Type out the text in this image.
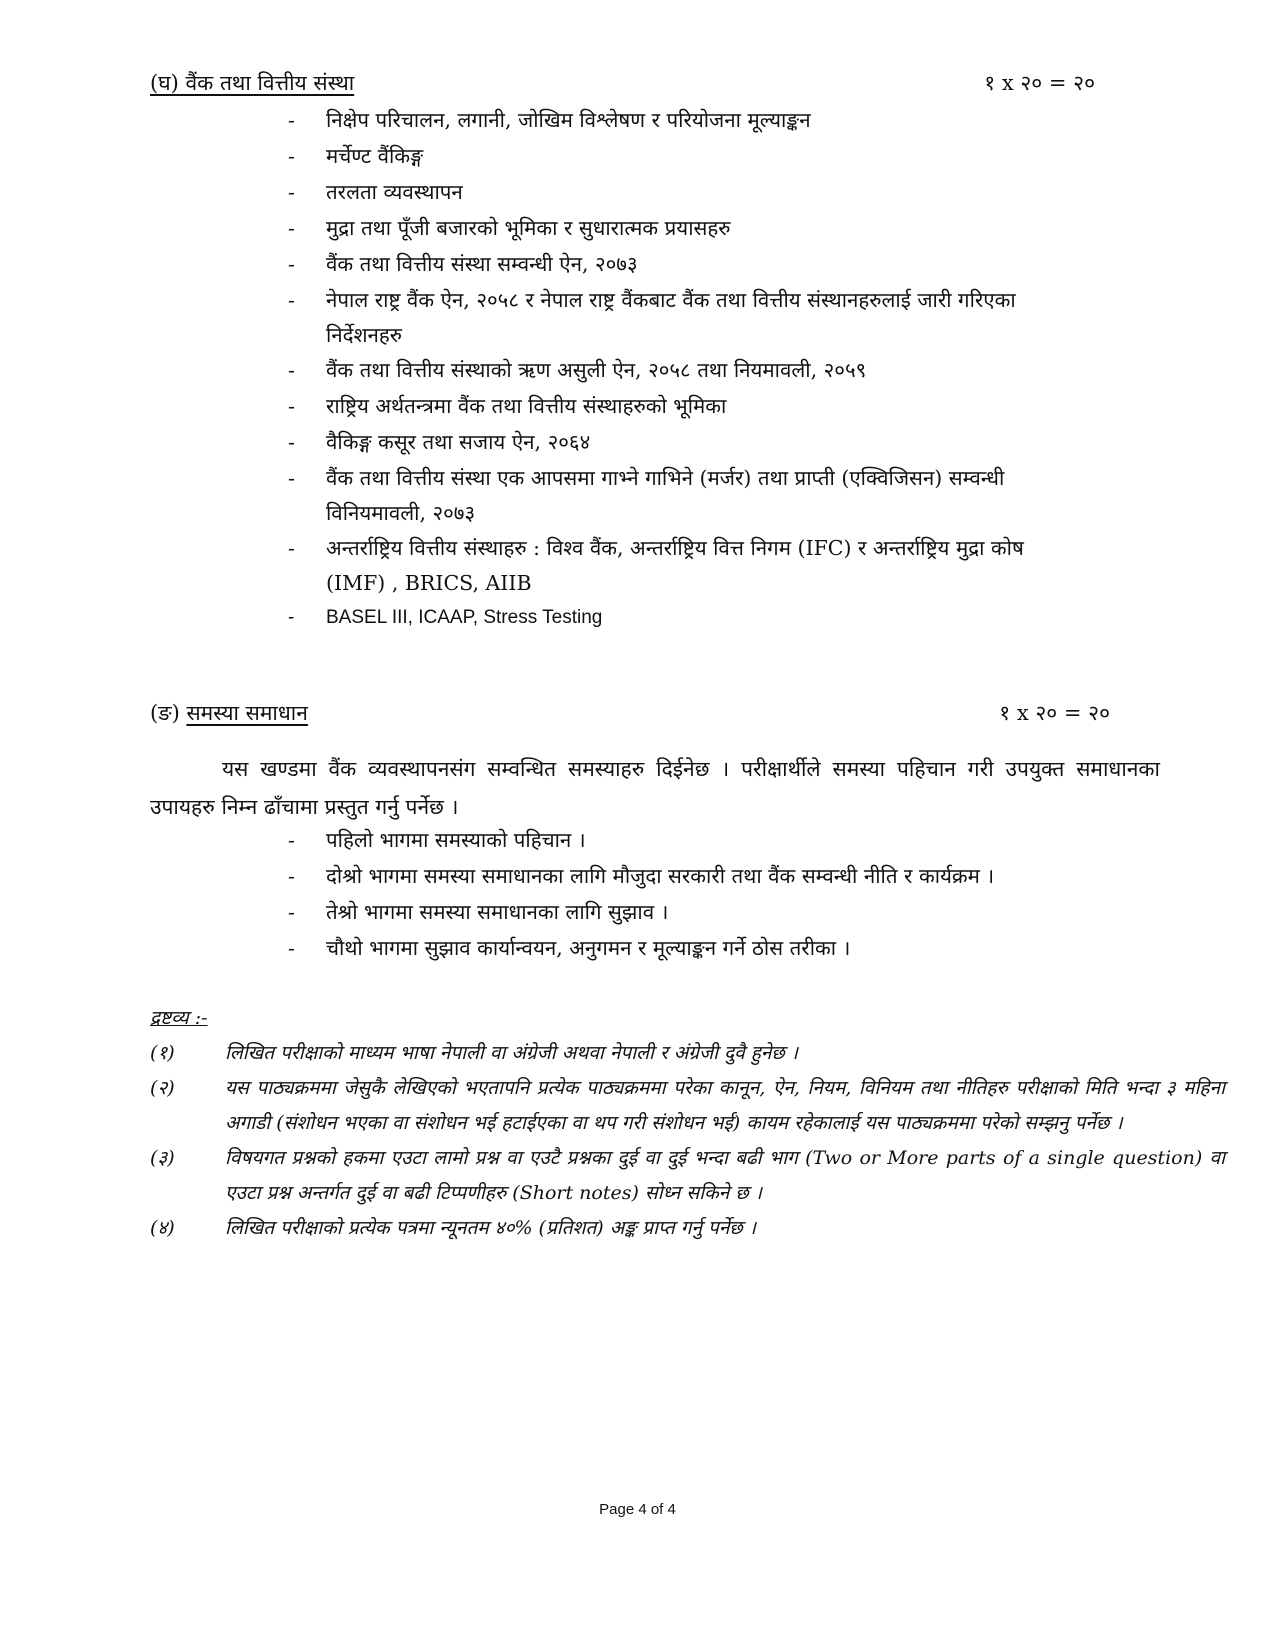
(घ) वैंक तथा वित्तीय संस्था	१ x २० = २०
- निक्षेप परिचालन, लगानी, जोखिम विश्लेषण र परियोजना मूल्याङ्कन
- मर्चेण्ट वैंकिङ्ग
- तरलता व्यवस्थापन
- मुद्रा तथा पूँजी बजारको भूमिका र सुधारात्मक प्रयासहरु
- वैंक तथा वित्तीय संस्था सम्वन्धी ऐन, २०७३
- नेपाल राष्ट्र वैंक ऐन, २०५८ र नेपाल राष्ट्र वैंकबाट वैंक तथा वित्तीय संस्थानहरुलाई जारी गरिएका
निर्देशनहरु
- वैंक तथा वित्तीय संस्थाको ऋण असुली ऐन, २०५८ तथा नियमावली, २०५९
- राष्ट्रिय अर्थतन्त्रमा वैंक तथा वित्तीय संस्थाहरुको भूमिका
- वैकिङ्ग कसूर तथा सजाय ऐन, २०६४
- वैंक तथा वित्तीय संस्था एक आपसमा गाभ्ने गाभिने (मर्जर) तथा प्राप्ती (एक्विजिसन) सम्वन्धी
विनियमावली, २०७३
- अन्तर्राष्ट्रिय वित्तीय संस्थाहरु : विश्व वैंक, अन्तर्राष्ट्रिय वित्त निगम (IFC) र अन्तर्राष्ट्रिय मुद्रा कोष
(IMF) , BRICS, AIIB
- BASEL III, ICAAP, Stress Testing
(ङ) समस्या समाधान	१ x २० = २०
यस खण्डमा वैंक व्यवस्थापनसंग सम्वन्धित समस्याहरु दिईनेछ । परीक्षार्थीले समस्या पहिचान गरी उपयुक्त समाधानका उपायहरु निम्न ढाँचामा प्रस्तुत गर्नु पर्नेछ ।
- पहिलो भागमा समस्याको पहिचान ।
- दोश्रो भागमा समस्या समाधानका लागि मौजुदा सरकारी तथा वैंक सम्वन्धी नीति र कार्यक्रम ।
- तेश्रो भागमा समस्या समाधानका लागि सुझाव ।
- चौथो भागमा सुझाव कार्यान्वयन, अनुगमन र मूल्याङ्कन गर्ने ठोस तरीका ।
द्रष्टव्य :-
(१)	लिखित परीक्षाको माध्यम भाषा नेपाली वा अंग्रेजी अथवा नेपाली र अंग्रेजी दुवै हुनेछ ।
(२)	यस पाठ्यक्रममा जेसुकै लेखिएको भएतापनि प्रत्येक पाठ्यक्रममा परेका कानून, ऐन, नियम, विनियम तथा नीतिहरु परीक्षाको मिति भन्दा ३ महिना अगाडी (संशोधन भएका वा संशोधन भई हटाईएका वा थप गरी संशोधन भई) कायम रहेकालाई यस पाठ्यक्रममा परेको सम्झनु पर्नेछ ।
(३)	विषयगत प्रश्नको हकमा एउटा लामो प्रश्न वा एउटै प्रश्नका दुई वा दुई भन्दा बढी भाग (Two or More parts of a single question) वा एउटा प्रश्न अन्तर्गत दुई वा बढी टिप्पणीहरु (Short notes) सोध्न सकिने छ ।
(४)	लिखित परीक्षाको प्रत्येक पत्रमा न्यूनतम ४०% (प्रतिशत) अङ्क प्राप्त गर्नु पर्नेछ ।
Page 4 of 4
